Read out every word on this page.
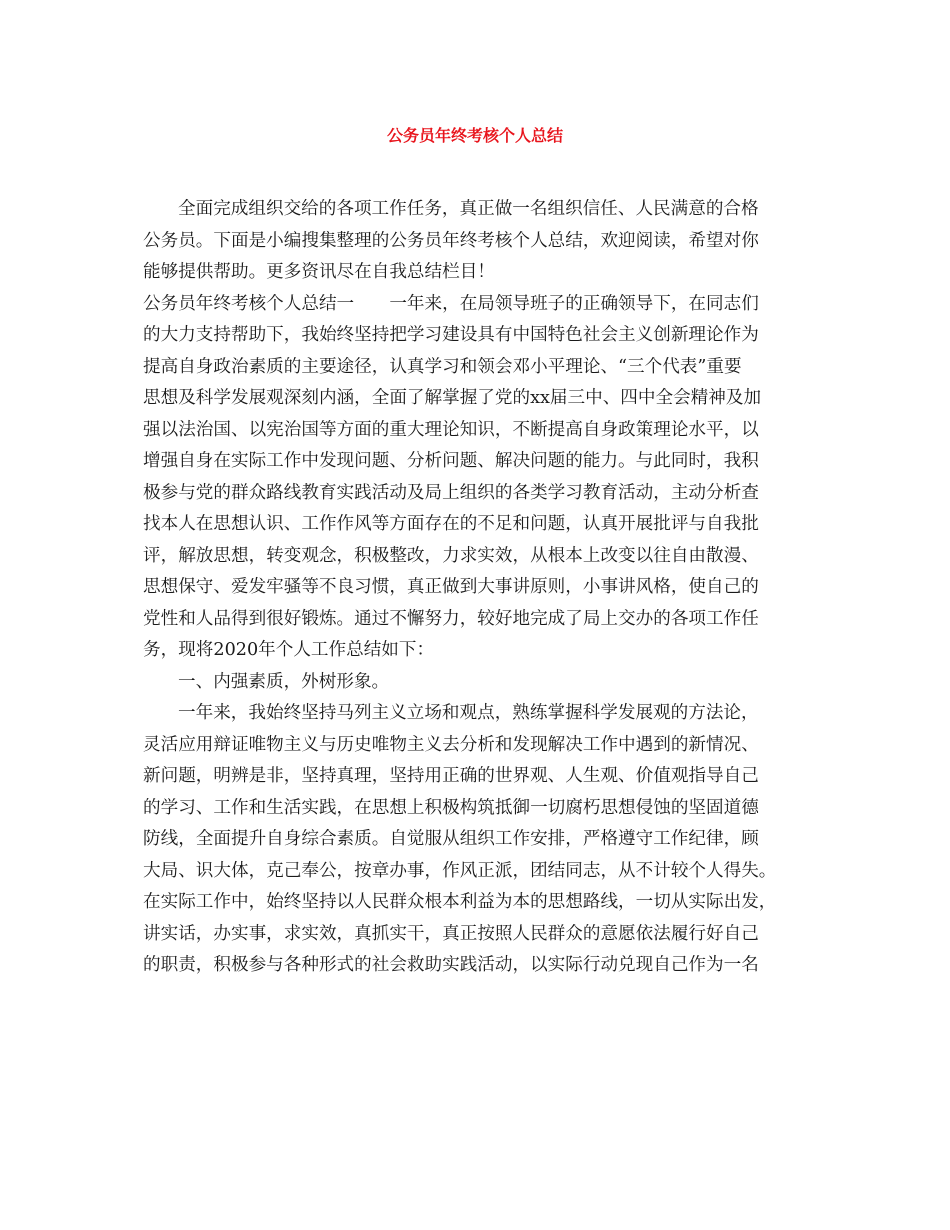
公务员年终考核个人总结
全面完成组织交给的各项工作任务，真正做一名组织信任、人民满意的合格
公务员。下面是小编搜集整理的公务员年终考核个人总结，欢迎阅读，希望对你
能够提供帮助。更多资讯尽在自我总结栏目！
公务员年终考核个人总结一　　一年来，在局领导班子的正确领导下，在同志们
的大力支持帮助下，我始终坚持把学习建设具有中国特色社会主义创新理论作为
提高自身政治素质的主要途径，认真学习和领会邓小平理论、“三个代表”重要
思想及科学发展观深刻内涵，全面了解掌握了党的xx届三中、四中全会精神及加
强以法治国、以宪治国等方面的重大理论知识，不断提高自身政策理论水平，以
增强自身在实际工作中发现问题、分析问题、解决问题的能力。与此同时，我积
极参与党的群众路线教育实践活动及局上组织的各类学习教育活动，主动分析查
找本人在思想认识、工作作风等方面存在的不足和问题，认真开展批评与自我批
评，解放思想，转变观念，积极整改，力求实效，从根本上改变以往自由散漫、
思想保守、爱发牢骚等不良习惯，真正做到大事讲原则，小事讲风格，使自己的
党性和人品得到很好锻炼。通过不懈努力，较好地完成了局上交办的各项工作任
务，现将2020年个人工作总结如下：
一、内强素质，外树形象。
一年来，我始终坚持马列主义立场和观点，熟练掌握科学发展观的方法论，
灵活应用辩证唯物主义与历史唯物主义去分析和发现解决工作中遇到的新情况、
新问题，明辨是非，坚持真理，坚持用正确的世界观、人生观、价值观指导自己
的学习、工作和生活实践，在思想上积极构筑抵御一切腐朽思想侵蚀的坚固道德
防线，全面提升自身综合素质。自觉服从组织工作安排，严格遵守工作纪律，顾
大局、识大体，克己奉公，按章办事，作风正派，团结同志，从不计较个人得失。
在实际工作中，始终坚持以人民群众根本利益为本的思想路线，一切从实际出发，
讲实话，办实事，求实效，真抓实干，真正按照人民群众的意愿依法履行好自己
的职责，积极参与各种形式的社会救助实践活动，以实际行动兑现自己作为一名
